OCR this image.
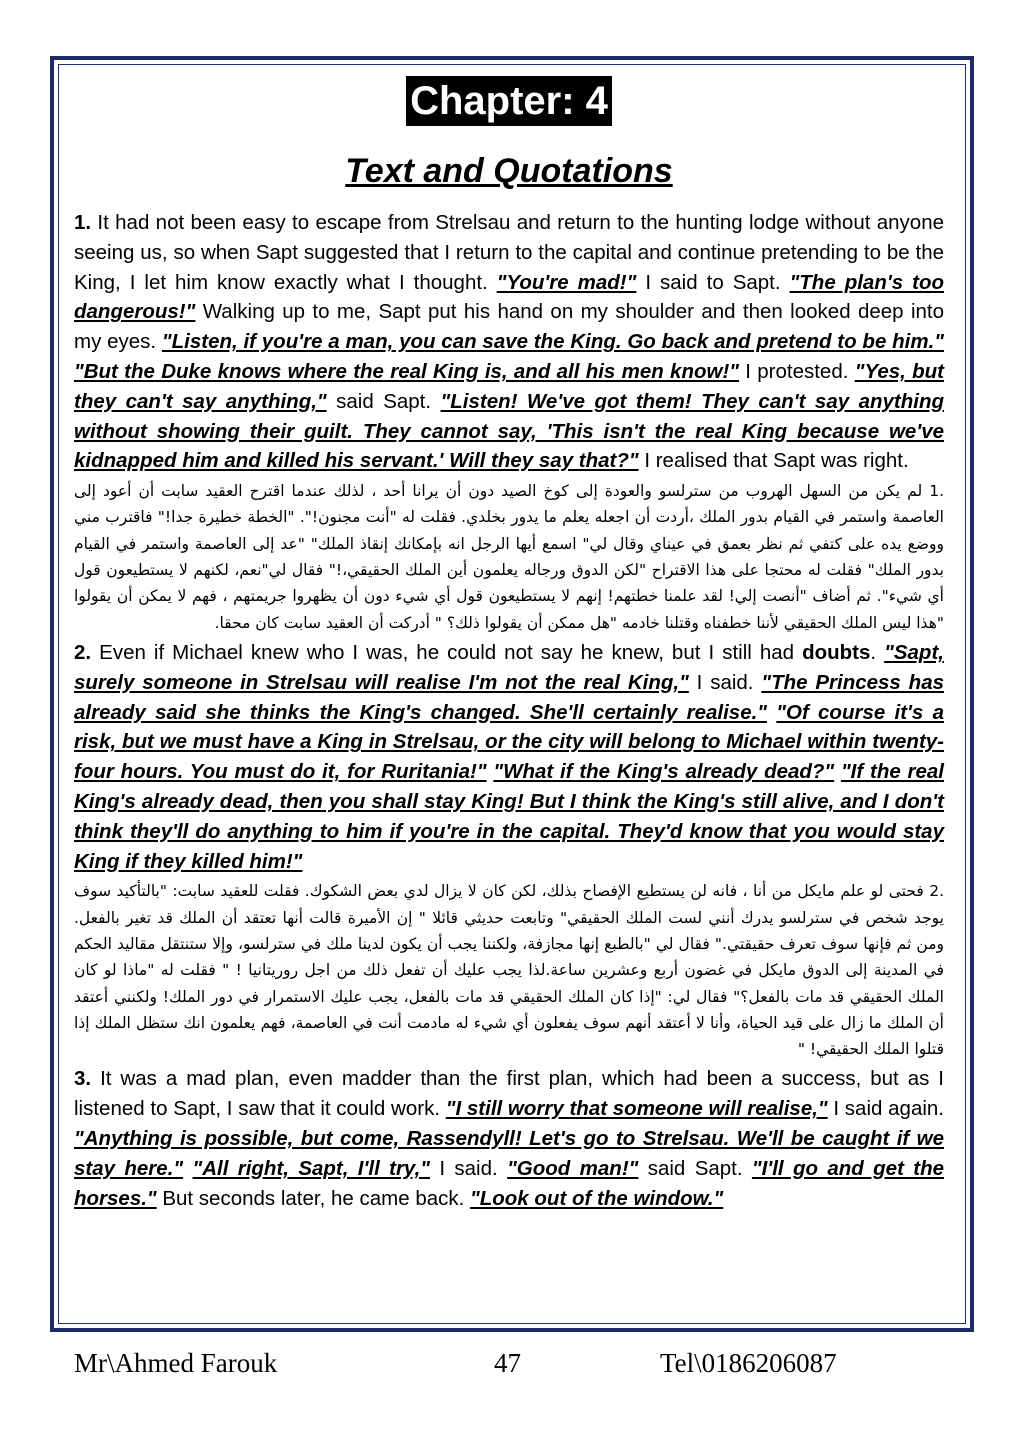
Chapter: 4
Text and Quotations

1. It had not been easy to escape from Strelsau and return to the hunting lodge without anyone seeing us, so when Sapt suggested that I return to the capital and continue pretending to be the King, I let him know exactly what I thought. "You're mad!" I said to Sapt. "The plan's too dangerous!" Walking up to me, Sapt put his hand on my shoulder and then looked deep into my eyes. "Listen, if you're a man, you can save the King. Go back and pretend to be him." "But the Duke knows where the real King is, and all his men know!" I protested. "Yes, but they can't say anything," said Sapt. "Listen! We've got them! They can't say anything without showing their guilt. They cannot say, 'This isn't the real King because we've kidnapped him and killed his servant.' Will they say that?" I realised that Sapt was right.

.1 لم يكن من السهل الهروب من سترلسو والعودة إلى كوخ الصيد دون أن يرانا أحد ، لذلك عندما اقترح العقيد سابت أن أعود إلى العاصمة واستمر في القيام بدور الملك ،أردت أن اجعله يعلم ما يدور بخلدي. فقلت له "أنت مجنون!". "الخطة خطيرة جدا!" فاقترب مني ووضع يده على كتفي ثم نظر بعمق في عيناي وقال لي" اسمع أيها الرجل انه بإمكانك إنقاذ الملك" "عد إلى العاصمة واستمر في القيام بدور الملك" فقلت له محتجا على هذا الاقتراح "لكن الدوق ورجاله يعلمون أين الملك الحقيقي،!" فقال لي"نعم، لكنهم لا يستطيعون قول أي شيء". ثم أضاف "أنصت إلي! لقد علمنا خطتهم! إنهم لا يستطيعون قول أي شيء دون أن يظهروا جريمتهم ، فهم لا يمكن أن يقولوا "هذا ليس الملك الحقيقي لأننا خطفناه وقتلنا خادمه "هل ممكن أن يقولوا ذلك؟ " أدركت أن العقيد سابت كان محقا.

2. Even if Michael knew who I was, he could not say he knew, but I still had doubts. "Sapt, surely someone in Strelsau will realise I'm not the real King," I said. "The Princess has already said she thinks the King's changed. She'll certainly realise." "Of course it's a risk, but we must have a King in Strelsau, or the city will belong to Michael within twenty-four hours. You must do it, for Ruritania!" "What if the King's already dead?" "If the real King's already dead, then you shall stay King! But I think the King's still alive, and I don't think they'll do anything to him if you're in the capital. They'd know that you would stay King if they killed him!"

.2 فحتى لو علم مايكل من أنا ، فانه لن يستطيع الإفصاح بذلك، لكن كان لا يزال لدي بعض الشكوك. فقلت للعقيد سابت: "بالتأكيد سوف يوجد شخص في سترلسو يدرك أنني لست الملك الحقيقي" وتابعت حديثي قائلا " إن الأميرة قالت أنها تعتقد أن الملك قد تغير بالفعل. ومن ثم فإنها سوف تعرف حقيقتي." فقال لي "بالطبع إنها مجازفة، ولكننا يجب أن يكون لدينا ملك في سترلسو، وإلا ستنتقل مقاليد الحكم في المدينة إلى الدوق مايكل في غضون أربع وعشرين ساعة.لذا يجب عليك أن تفعل ذلك من اجل روريتانيا ! " فقلت له "ماذا لو كان الملك الحقيقي قد مات بالفعل؟" فقال لي: "إذا كان الملك الحقيقي قد مات بالفعل، يجب عليك الاستمرار في دور الملك! ولكنني أعتقد أن الملك ما زال على قيد الحياة، وأنا لا أعتقد أنهم سوف يفعلون أي شيء له مادمت أنت في العاصمة، فهم يعلمون انك ستظل الملك إذا قتلوا الملك الحقيقي! "

3. It was a mad plan, even madder than the first plan, which had been a success, but as I listened to Sapt, I saw that it could work. "I still worry that someone will realise," I said again. "Anything is possible, but come, Rassendyll! Let's go to Strelsau. We'll be caught if we stay here." "All right, Sapt, I'll try," I said. "Good man!" said Sapt. "I'll go and get the horses." But seconds later, he came back. "Look out of the window."

Mr\Ahmed Farouk	47	Tel\0186206087
